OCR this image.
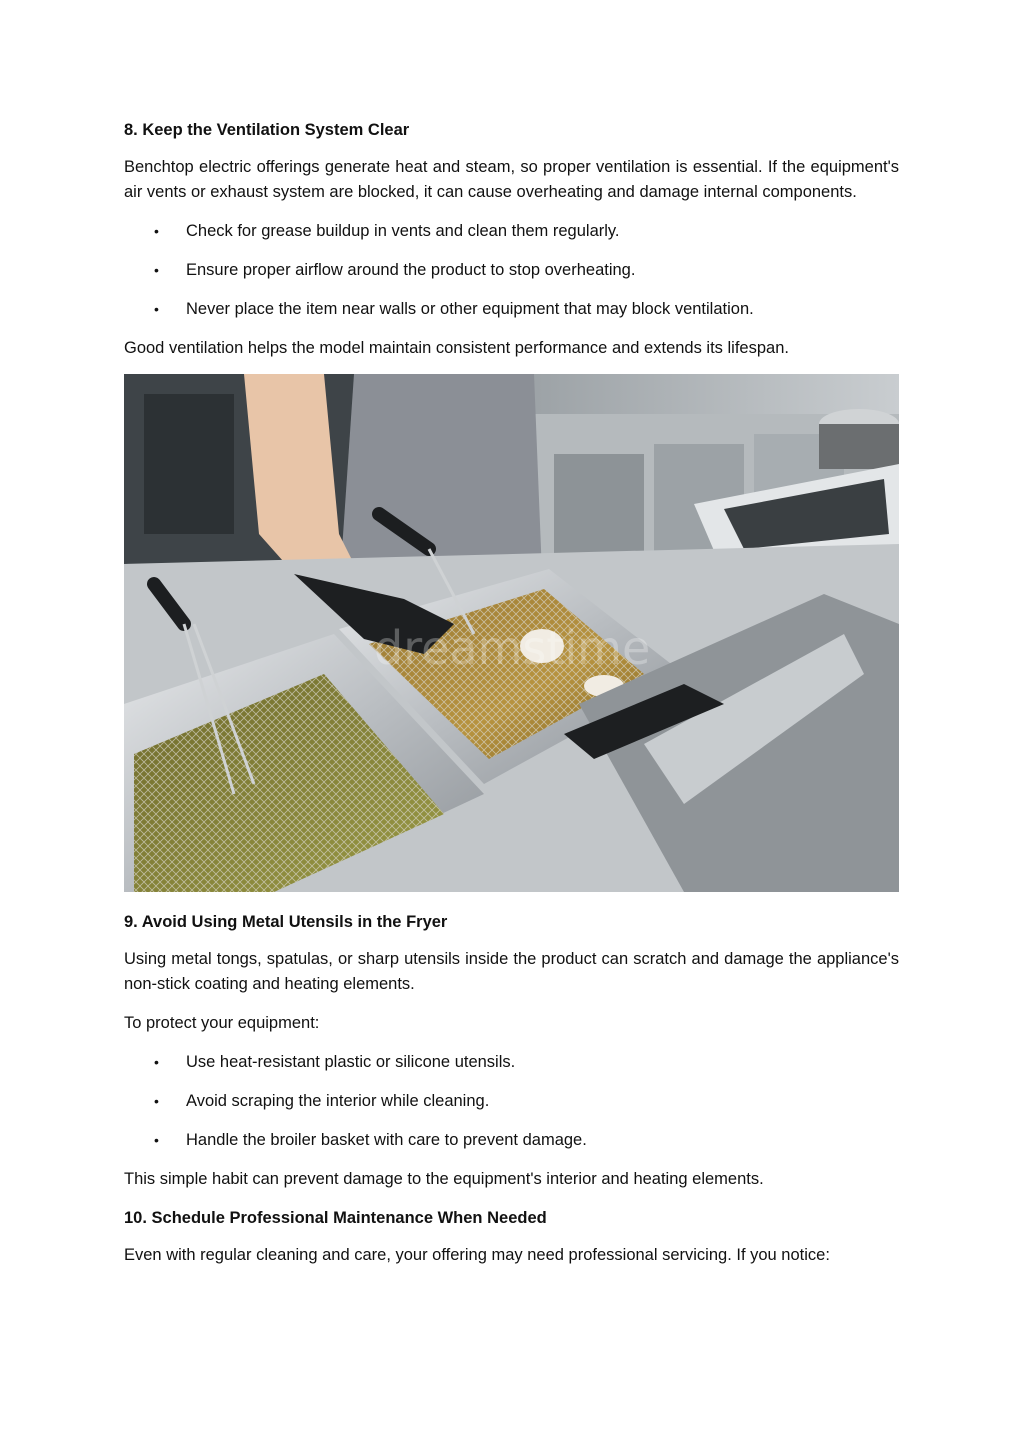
8. Keep the Ventilation System Clear

Benchtop electric offerings generate heat and steam, so proper ventilation is essential. If the equipment's air vents or exhaust system are blocked, it can cause overheating and damage internal components.

• Check for grease buildup in vents and clean them regularly.
• Ensure proper airflow around the product to stop overheating.
• Never place the item near walls or other equipment that may block ventilation.

Good ventilation helps the model maintain consistent performance and extends its lifespan.

dreamstime
9. Avoid Using Metal Utensils in the Fryer

Using metal tongs, spatulas, or sharp utensils inside the product can scratch and damage the appliance's non-stick coating and heating elements.

To protect your equipment:

• Use heat-resistant plastic or silicone utensils.
• Avoid scraping the interior while cleaning.
• Handle the broiler basket with care to prevent damage.

This simple habit can prevent damage to the equipment's interior and heating elements.

10. Schedule Professional Maintenance When Needed

Even with regular cleaning and care, your offering may need professional servicing. If you notice:
